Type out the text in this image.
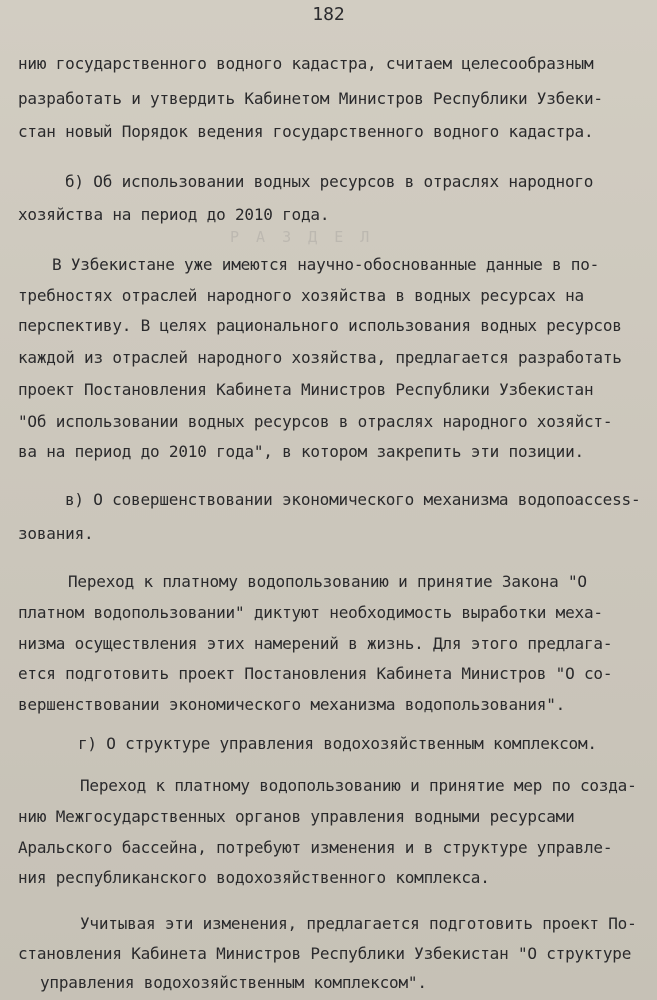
Р А З Д Е Л
182
нию государственного водного кадастра, считаем целесообразным
разработать и утвердить Кабинетом Министров Республики Узбеки-
стан новый Порядок ведения государственного водного кадастра.
б) Об использовании водных ресурсов в отраслях народного
хозяйства на период до 2010 года.
В Узбекистане уже имеются научно-обоснованные данные в по-
требностях отраслей народного хозяйства в водных ресурсах на
перспективу. В целях рационального использования водных ресурсов
каждой из отраслей народного хозяйства, предлагается разработать
проект Постановления Кабинета Министров Республики Узбекистан
"Об использовании водных ресурсов в отраслях народного хозяйст-
ва на период до 2010 года", в котором закрепить эти позиции.
в) О совершенствовании экономического механизма водопоaccess-
зования.
Переход к платному водопользованию и принятие Закона "О
платном водопользовании" диктуют необходимость выработки меха-
низма осуществления этих намерений в жизнь. Для этого предлага-
ется подготовить проект Постановления Кабинета Министров "О со-
вершенствовании экономического механизма водопользования".
г) О структуре управления водохозяйственным комплексом.
Переход к платному водопользованию и принятие мер по созда-
нию Межгосударственных органов управления водными ресурсами
Аральского бассейна, потребуют изменения и в структуре управле-
ния республиканского водохозяйственного комплекса.
Учитывая эти изменения, предлагается подготовить проект По-
становления Кабинета Министров Республики Узбекистан "О структуре
управления водохозяйственным комплексом".
